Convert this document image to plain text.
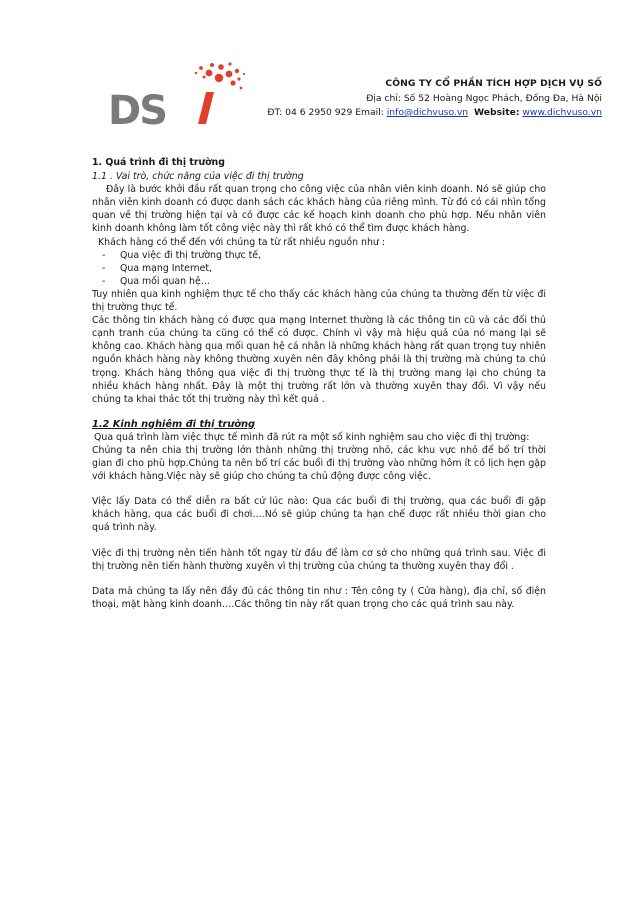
DS
CÔNG TY CỔ PHẦN TÍCH HỢP DỊCH VỤ SỐ
Địa chỉ: Số 52 Hoàng Ngọc Phách, Đống Đa, Hà Nội
ĐT: 04 6 2950 929 Email: info@dichvuso.vn Website: www.dichvuso.vn

1. Quá trình đi thị trường

1.1 . Vai trò, chức năng của việc đi thị trường

Đây là bước khởi đầu rất quan trọng cho công việc của nhân viên kinh doanh. Nó sẽ giúp cho nhân viên kinh doanh có được danh sách các khách hàng của riêng mình. Từ đó có cái nhìn tổng quan về thị trường hiện tại và có được các kế hoạch kinh doanh cho phù hợp. Nếu nhân viên kinh doanh không làm tốt công việc này thì rất khó có thể tìm được khách hàng.

Khách hàng có thể đến với chúng ta từ rất nhiều nguồn như :

- Qua việc đi thị trường thực tế,
- Qua mạng Internet,
- Qua mối quan hệ…

Tuy nhiên qua kinh nghiệm thực tế cho thấy các khách hàng của chúng ta thường đến từ việc đi thị trường thực tế.

Các thông tin khách hàng có được qua mạng Internet thường là các thông tin cũ và các đối thủ cạnh tranh của chúng ta cũng có thể có được. Chính vì vậy mà hiệu quả của nó mang lại sẽ không cao. Khách hàng qua mối quan hệ cá nhân là những khách hàng rất quan trọng tuy nhiên nguồn khách hàng này không thường xuyên nên đây không phải là thị trường mà chúng ta chú trọng. Khách hàng thông qua việc đi thị trường thực tế là thị trường mang lại cho chúng ta nhiều khách hàng nhất. Đây là một thị trường rất lớn và thường xuyên thay đổi. Vì vậy nếu chúng ta khai thác tốt thị trường này thì kết quả .

1.2 Kinh nghiệm đi thị trường

Qua quá trình làm việc thực tế mình đã rút ra một số kinh nghiệm sau cho việc đi thị trường:

Chúng ta nên chia thị trường lớn thành những thị trường nhỏ, các khu vực nhỏ để bố trí thời gian đi cho phù hợp.Chúng ta nên bố trí các buổi đi thị trường vào những hôm ít có lịch hẹn gặp với khách hàng.Việc này sẽ giúp cho chúng ta chủ động được công việc.

Việc lấy Data có thể diễn ra bất cứ lúc nào: Qua các buổi đi thị trường, qua các buổi đi gặp khách hàng, qua các buổi đi chơi….Nó sẽ giúp chúng ta hạn chế được rất nhiều thời gian cho quá trình này.

Việc đi thị trường nên tiến hành tốt ngay từ đầu để làm cơ sở cho những quá trình sau. Việc đi thị trường nên tiến hành thường xuyên vì thị trường của chúng ta thường xuyên thay đổi .

Data mà chúng ta lấy nên đầy đủ các thông tin như : Tên công ty ( Cửa hàng), địa chỉ, số điện thoại, mặt hàng kinh doanh….Các thông tin này rất quan trọng cho các quá trình sau này.
